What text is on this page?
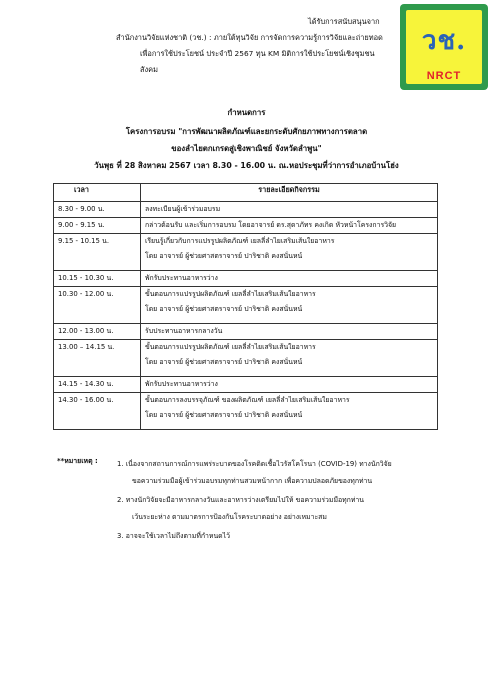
วช.
NRCT
ได้รับการสนับสนุนจาก
สำนักงานวิจัยแห่งชาติ (วช.) : ภายใต้ทุนวิจัย การจัดการความรู้การวิจัยและถ่ายทอด
เพื่อการใช้ประโยชน์ ประจำปี 2567 ทุน KM มิติการใช้ประโยชน์เชิงชุมชน สังคม
กำหนดการ
โครงการอบรม "การพัฒนาผลิตภัณฑ์และยกระดับศักยภาพทางการตลาด
ของลำไยตกเกรดสู่เชิงพาณิชย์ จังหวัดลำพูน"
วันพุธ ที่ 28 สิงหาคม 2567 เวลา 8.30 - 16.00 น. ณ.หอประชุมที่ว่าการอำเภอบ้านโฮ่ง
เวลา	รายละเอียดกิจกรรม
8.30 - 9.00 น.	ลงทะเบียนผู้เข้าร่วมอบรม
9.00 - 9.15 น.	กล่าวต้อนรับ และเริ่มการอบรม โดยอาจารย์ ดร.สุดาภัทร คงเกิด หัวหน้าโครงการวิจัย
9.15 - 10.15 น.	เรียนรู้เกี่ยวกับการแปรรูปผลิตภัณฑ์ เยลลี่ลำไยเสริมเส้นใยอาหาร
โดย อาจารย์ ผู้ช่วยศาสตราจารย์ ปาริชาติ คงสนั่นหน์

10.15 - 10.30 น.	พักรับประทานอาหารว่าง
10.30 - 12.00 น.	ขั้นตอนการแปรรูปผลิตภัณฑ์ เยลลี่ลำไยเสริมเส้นใยอาหาร
โดย อาจารย์ ผู้ช่วยศาสตราจารย์ ปาริชาติ คงสนั่นหน์

12.00 - 13.00 น.	รับประทานอาหารกลางวัน
13.00 – 14.15 น.	ขั้นตอนการแปรรูปผลิตภัณฑ์ เยลลี่ลำไยเสริมเส้นใยอาหาร
โดย อาจารย์ ผู้ช่วยศาสตราจารย์ ปาริชาติ คงสนั่นหน์

14.15 - 14.30 น.	พักรับประทานอาหารว่าง
14.30 - 16.00 น.	ขั้นตอนการลงบรรจุภัณฑ์ ของผลิตภัณฑ์ เยลลี่ลำไยเสริมเส้นใยอาหาร
โดย อาจารย์ ผู้ช่วยศาสตราจารย์ ปาริชาติ คงสนั่นหน์
**หมายเหตุ :	1. เนื่องจากสถานการณ์การแพร่ระบาดของโรคติดเชื้อไวรัสโคโรนา (COVID-19) ทางนักวิจัย
ขอความร่วมมือผู้เข้าร่วมอบรมทุกท่านสวมหน้ากาก เพื่อความปลอดภัยของทุกท่าน
2. ทางนักวิจัยจะมีอาหารกลางวันและอาหารว่างเตรียมไปให้ ขอความร่วมมือทุกท่าน
เว้นระยะห่าง ตามมาตรการป้องกันโรคระบาดอย่าง อย่างเหมาะสม
3. อาจจะใช้เวลาไม่ถึงตามที่กำหนดไว้
